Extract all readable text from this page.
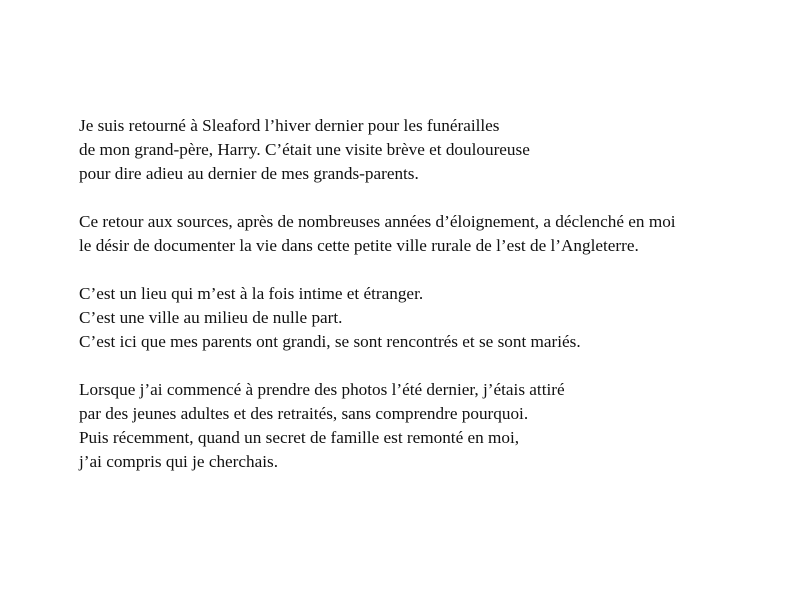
Je suis retourné à Sleaford l’hiver dernier pour les funérailles
de mon grand-père, Harry. C’était une visite brève et douloureuse
pour dire adieu au dernier de mes grands-parents.

Ce retour aux sources, après de nombreuses années d’éloignement, a déclenché en moi
le désir de documenter la vie dans cette petite ville rurale de l’est de l’Angleterre.

C’est un lieu qui m’est à la fois intime et étranger.
C’est une ville au milieu de nulle part.
C’est ici que mes parents ont grandi, se sont rencontrés et se sont mariés.

Lorsque j’ai commencé à prendre des photos l’été dernier, j’étais attiré
par des jeunes adultes et des retraités, sans comprendre pourquoi.
Puis récemment, quand un secret de famille est remonté en moi,
j’ai compris qui je cherchais.
